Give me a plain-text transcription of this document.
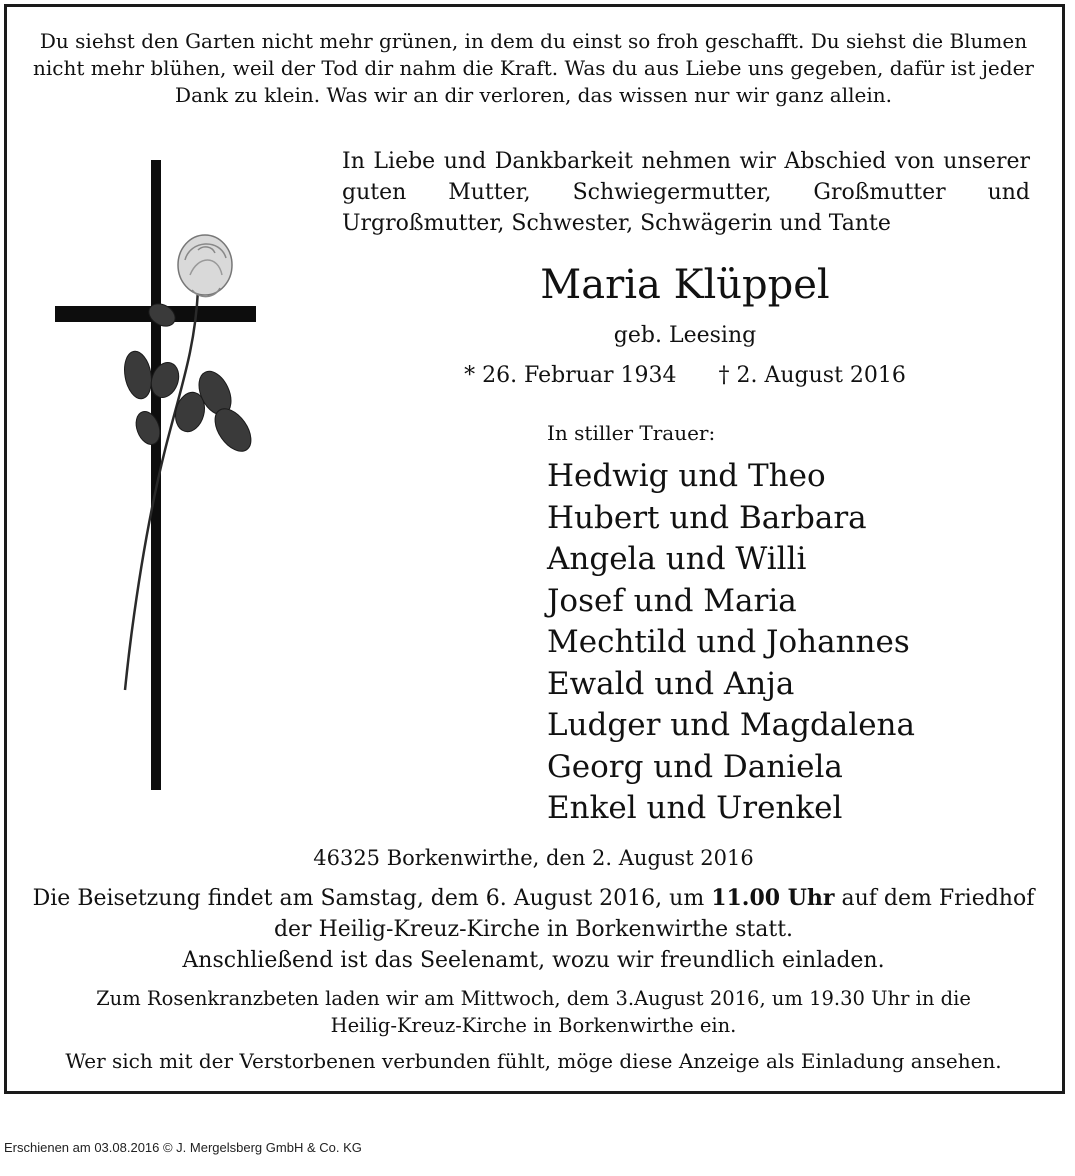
Du siehst den Garten nicht mehr grünen, in dem du einst so froh geschafft. Du siehst die Blumen
nicht mehr blühen, weil der Tod dir nahm die Kraft. Was du aus Liebe uns gegeben, dafür ist jeder
Dank zu klein. Was wir an dir verloren, das wissen nur wir ganz allein.
In Liebe und Dankbarkeit nehmen wir Abschied von unserer
guten Mutter, Schwiegermutter, Großmutter und
Urgroßmutter, Schwester, Schwägerin und Tante
Maria Klüppel
geb. Leesing
* 26. Februar 1934 † 2. August 2016
In stiller Trauer:
Hedwig und Theo
Hubert und Barbara
Angela und Willi
Josef und Maria
Mechtild und Johannes
Ewald und Anja
Ludger und Magdalena
Georg und Daniela
Enkel und Urenkel
46325 Borkenwirthe, den 2. August 2016
Die Beisetzung findet am Samstag, dem 6. August 2016, um 11.00 Uhr auf dem Friedhof
der Heilig-Kreuz-Kirche in Borkenwirthe statt.
Anschließend ist das Seelenamt, wozu wir freundlich einladen.
Zum Rosenkranzbeten laden wir am Mittwoch, dem 3.August 2016, um 19.30 Uhr in die
Heilig-Kreuz-Kirche in Borkenwirthe ein.
Wer sich mit der Verstorbenen verbunden fühlt, möge diese Anzeige als Einladung ansehen.
Erschienen am 03.08.2016 © J. Mergelsberg GmbH & Co. KG
